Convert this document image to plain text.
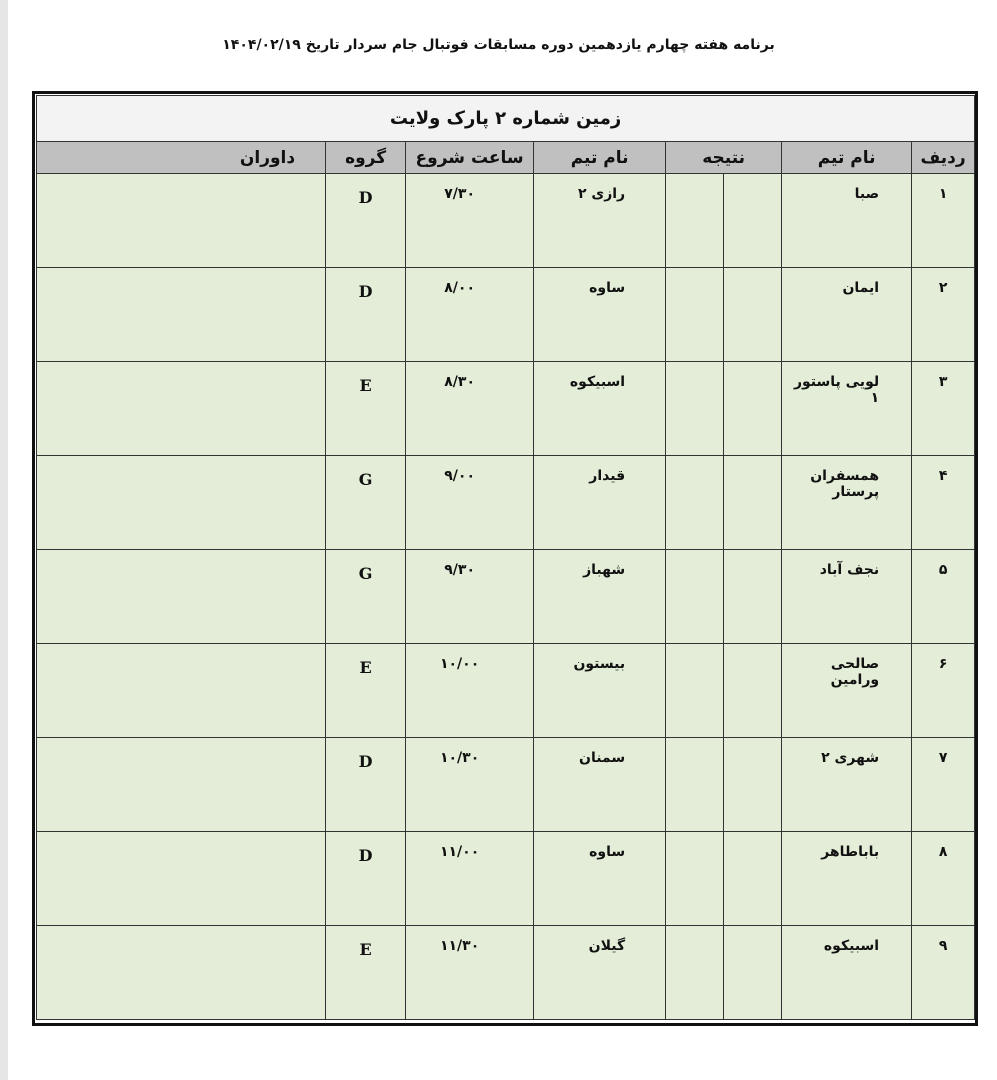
برنامه هفته چهارم یازدهمین دوره مسابقات فوتبال جام سردار تاریخ ۱۴۰۴/۰۲/۱۹
زمین شماره ۲ پارک ولایت							
ردیف	نام تیم	نتیجه		نام تیم	ساعت شروع	گروه	داوران

۱	صبا			رازی ۲	۷/۳۰	D	

۲	ایمان			ساوه	۸/۰۰	D	

۳	لویی پاستور ۱			اسبیکوه	۸/۳۰	E	

۴	همسفران پرستار			قیدار	۹/۰۰	G	

۵	نجف آباد			شهباز	۹/۳۰	G	

۶	صالحی ورامین			بیستون	۱۰/۰۰	E	

۷	شهری ۲			سمنان	۱۰/۳۰	D	

۸	باباطاهر			ساوه	۱۱/۰۰	D	

۹	اسبیکوه			گیلان	۱۱/۳۰	E	
